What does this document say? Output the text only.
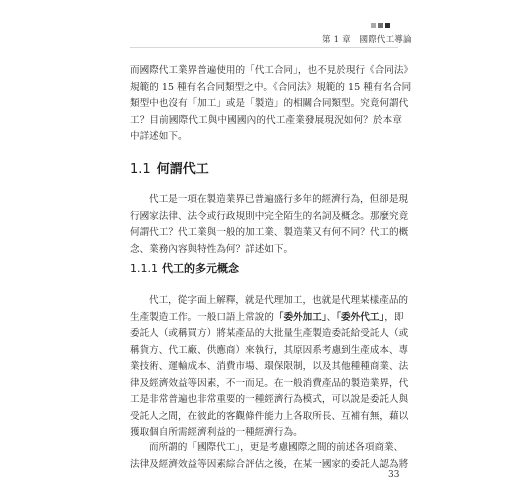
第 1 章　國際代工導論
而國際代工業界普遍使用的「代工合同」，也不見於現行《合同法》
規範的 15 種有名合同類型之中。《合同法》規範的 15 種有名合同
類型中也沒有「加工」或是「製造」的相關合同類型。究竟何謂代
工？目前國際代工與中國國內的代工產業發展現況如何？於本章
中詳述如下。
1.1 何謂代工
代工是一項在製造業界已普遍盛行多年的經濟行為，但卻是現
行國家法律、法令或行政規則中完全陌生的名詞及概念。那麼究竟
何謂代工？代工業與一般的加工業、製造業又有何不同？代工的概
念、業務內容與特性為何？詳述如下。
1.1.1 代工的多元概念
代工，從字面上解釋，就是代理加工，也就是代理某樣產品的
生產製造工作。一般口語上常說的「委外加工」、「委外代工」，即
委託人（或稱買方）將某產品的大批量生產製造委託給受託人（或
稱貨方、代工廠、供應商）來執行，其原因系考慮到生產成本、專
業技術、運輸成本、消費市場、環保限制，以及其他種種商業、法
律及經濟效益等因素，不一而足。在一般消費產品的製造業界，代
工是非常普遍也非常重要的一種經濟行為模式，可以說是委託人與
受託人之間，在彼此的客觀條件能力上各取所長、互補有無，藉以
獲取個自所需經濟利益的一種經濟行為。
而所謂的「國際代工」，更是考慮國際之間的前述各項商業、
法律及經濟效益等因素綜合評估之後，在某一國家的委託人認為將
33
